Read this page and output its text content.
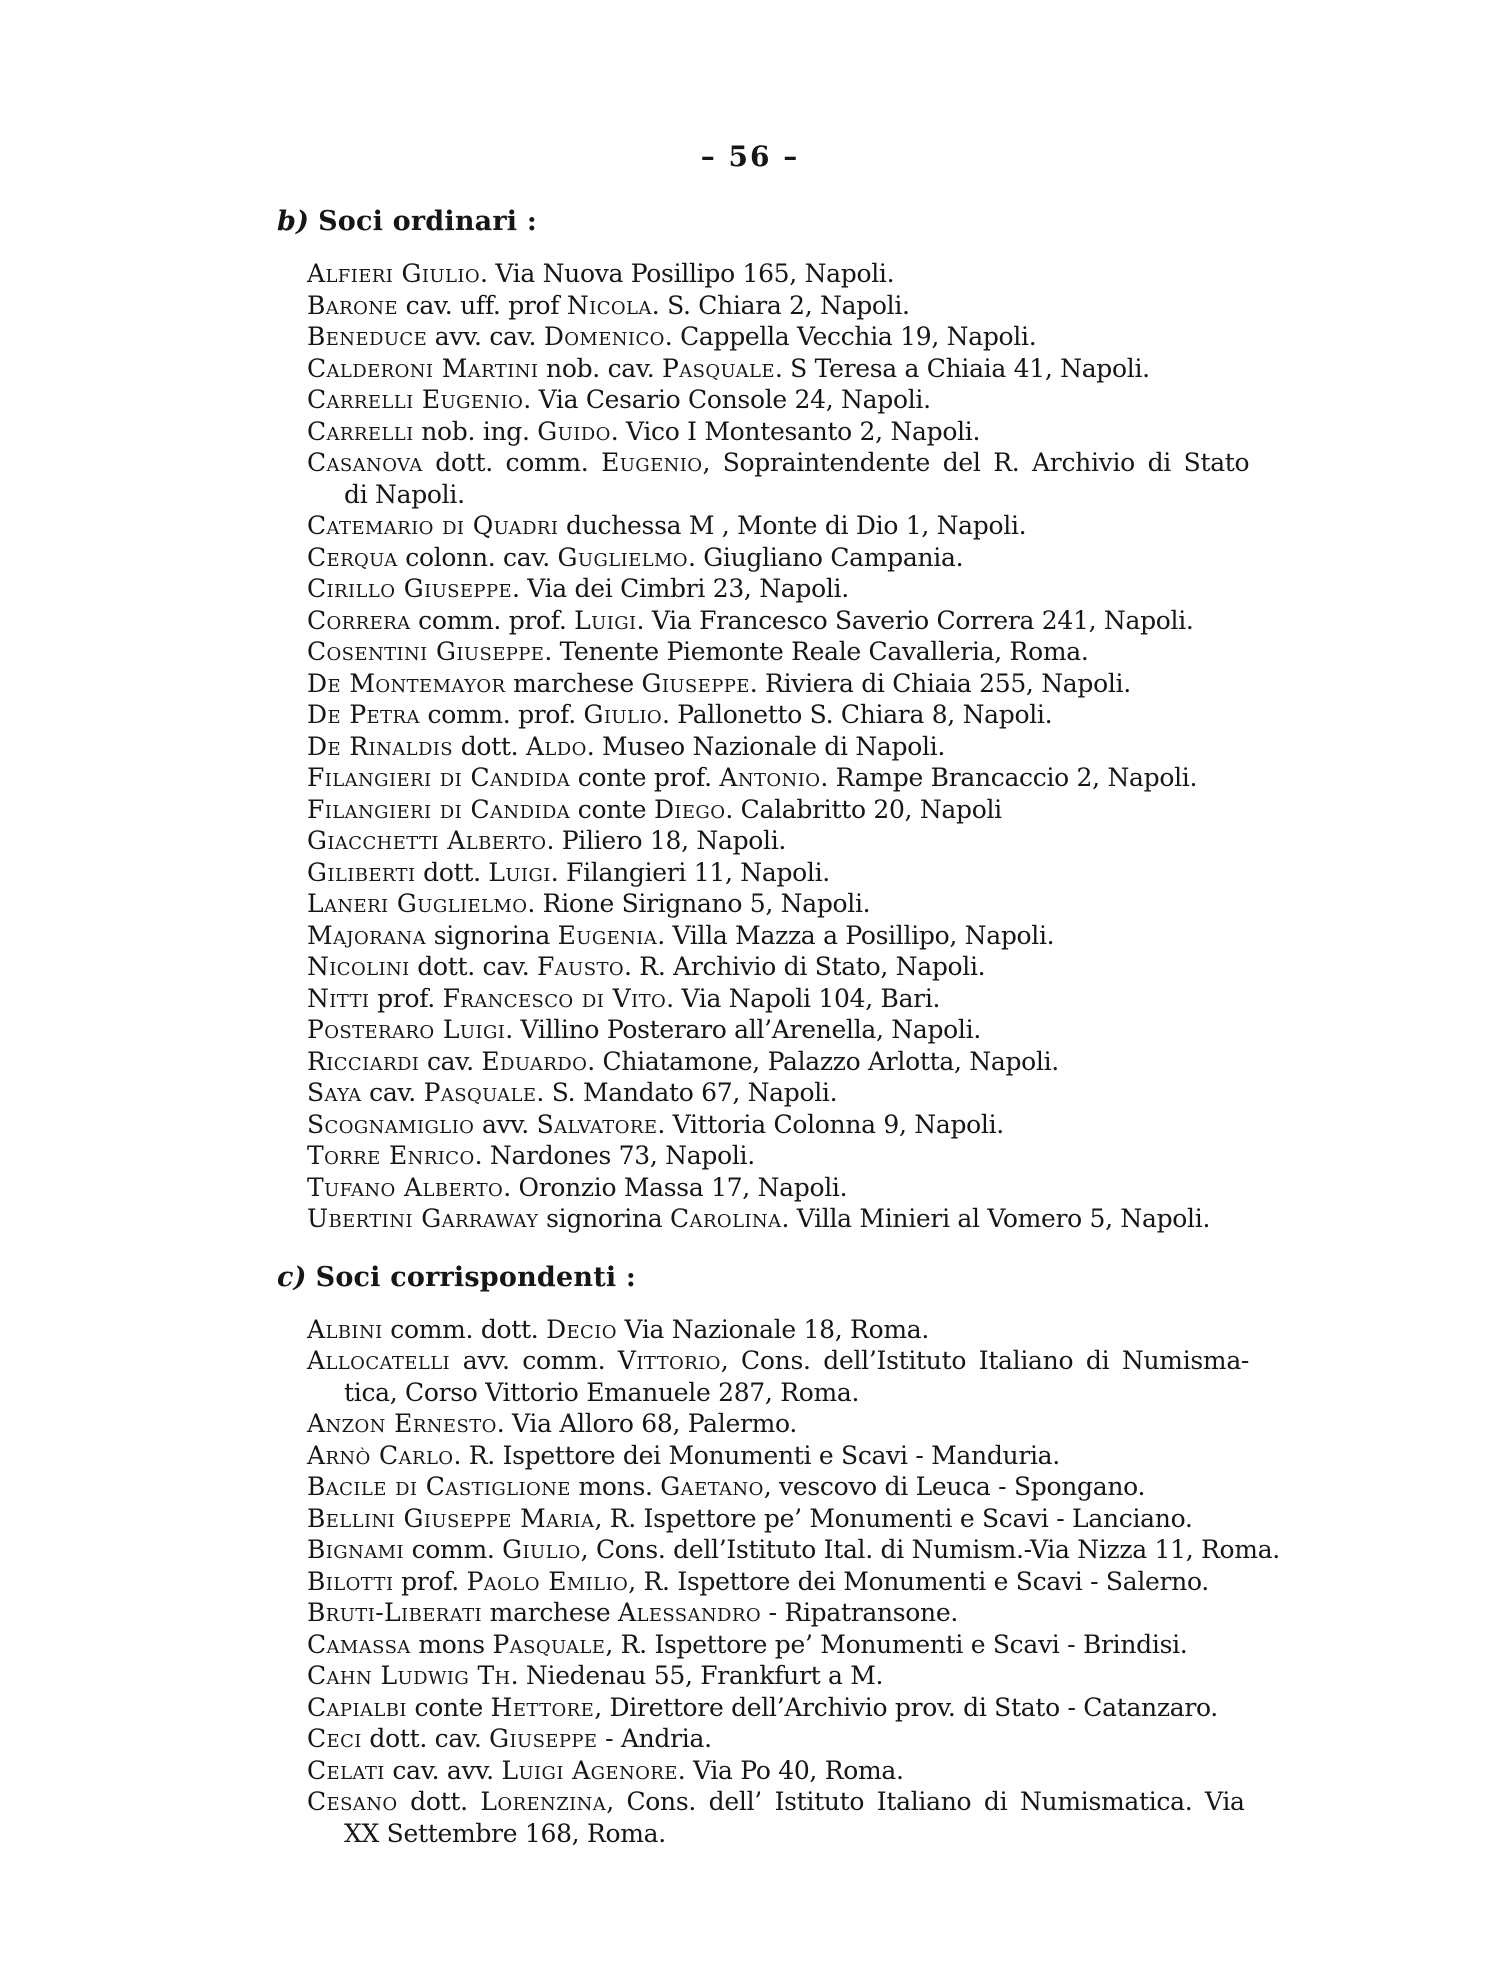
– 56 –
b) Soci ordinari :

Alfieri Giulio. Via Nuova Posillipo 165, Napoli.

Barone cav. uff. prof Nicola. S. Chiara 2, Napoli.

Beneduce avv. cav. Domenico. Cappella Vecchia 19, Napoli.

Calderoni Martini nob. cav. Pasquale. S Teresa a Chiaia 41, Napoli.

Carrelli Eugenio. Via Cesario Console 24, Napoli.

Carrelli nob. ing. Guido. Vico I Montesanto 2, Napoli.

Casanova dott. comm. Eugenio, Sopraintendente del R. Archivio di Stato
di Napoli.

Catemario di Quadri duchessa M , Monte di Dio 1, Napoli.

Cerqua colonn. cav. Guglielmo. Giugliano Campania.

Cirillo Giuseppe. Via dei Cimbri 23, Napoli.

Correra comm. prof. Luigi. Via Francesco Saverio Correra 241, Napoli.

Cosentini Giuseppe. Tenente Piemonte Reale Cavalleria, Roma.

De Montemayor marchese Giuseppe. Riviera di Chiaia 255, Napoli.

De Petra comm. prof. Giulio. Pallonetto S. Chiara 8, Napoli.

De Rinaldis dott. Aldo. Museo Nazionale di Napoli.

Filangieri di Candida conte prof. Antonio. Rampe Brancaccio 2, Napoli.

Filangieri di Candida conte Diego. Calabritto 20, Napoli

Giacchetti Alberto. Piliero 18, Napoli.

Giliberti dott. Luigi. Filangieri 11, Napoli.

Laneri Guglielmo. Rione Sirignano 5, Napoli.

Majorana signorina Eugenia. Villa Mazza a Posillipo, Napoli.

Nicolini dott. cav. Fausto. R. Archivio di Stato, Napoli.

Nitti prof. Francesco di Vito. Via Napoli 104, Bari.

Posteraro Luigi. Villino Posteraro all’Arenella, Napoli.

Ricciardi cav. Eduardo. Chiatamone, Palazzo Arlotta, Napoli.

Saya cav. Pasquale. S. Mandato 67, Napoli.

Scognamiglio avv. Salvatore. Vittoria Colonna 9, Napoli.

Torre Enrico. Nardones 73, Napoli.

Tufano Alberto. Oronzio Massa 17, Napoli.

Ubertini Garraway signorina Carolina. Villa Minieri al Vomero 5, Napoli.

c) Soci corrispondenti :

Albini comm. dott. Decio Via Nazionale 18, Roma.

Allocatelli avv. comm. Vittorio, Cons. dell’Istituto Italiano di Numisma-
tica, Corso Vittorio Emanuele 287, Roma.

Anzon Ernesto. Via Alloro 68, Palermo.

Arnò Carlo. R. Ispettore dei Monumenti e Scavi - Manduria.

Bacile di Castiglione mons. Gaetano, vescovo di Leuca - Spongano.

Bellini Giuseppe Maria, R. Ispettore pe’ Monumenti e Scavi - Lanciano.

Bignami comm. Giulio, Cons. dell’Istituto Ital. di Numism.-Via Nizza 11, Roma.

Bilotti prof. Paolo Emilio, R. Ispettore dei Monumenti e Scavi - Salerno.

Bruti-Liberati marchese Alessandro - Ripatransone.

Camassa mons Pasquale, R. Ispettore pe’ Monumenti e Scavi - Brindisi.

Cahn Ludwig Th. Niedenau 55, Frankfurt a M.

Capialbi conte Hettore, Direttore dell’Archivio prov. di Stato - Catanzaro.

Ceci dott. cav. Giuseppe - Andria.

Celati cav. avv. Luigi Agenore. Via Po 40, Roma.

Cesano dott. Lorenzina, Cons. dell’ Istituto Italiano di Numismatica. Via
XX Settembre 168, Roma.
